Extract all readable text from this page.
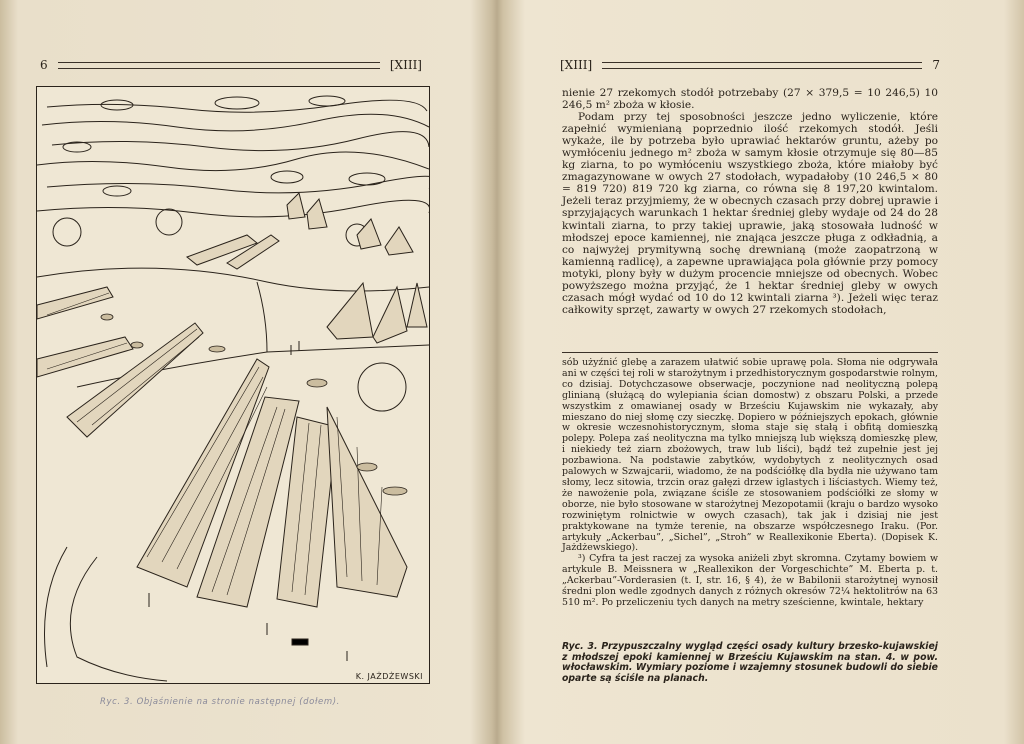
6	[XIII]
K. JAŻDŻEWSKI
Ryc. 3. Objaśnienie na stronie następnej (dołem).
[XIII]	7

nienie 27 rzekomych stodół potrzebaby (27 × 379,5 = 10 246,5) 10 246,5 m² zboża w kłosie.

Podam przy tej sposobności jeszcze jedno wyliczenie, które zapełnić wymienianą poprzednio ilość rzekomych stodół. Jeśli wykaże, ile by potrzeba było uprawiać hektarów gruntu, ażeby po wymłóceniu jednego m² zboża w samym kłosie otrzymuje się 80—85 kg ziarna, to po wymłóceniu wszystkiego zboża, które miałoby być zmagazynowane w owych 27 stodołach, wypadałoby (10 246,5 × 80 = 819 720) 819 720 kg ziarna, co równa się 8 197,20 kwintalom. Jeżeli teraz przyjmiemy, że w obecnych czasach przy dobrej uprawie i sprzyjających warunkach 1 hektar średniej gleby wydaje od 24 do 28 kwintali ziarna, to przy takiej uprawie, jaką stosowała ludność w młodszej epoce kamiennej, nie znająca jeszcze pługa z odkładnią, a co najwyżej prymitywną sochę drewnianą (może zaopatrzoną w kamienną radlicę), a zapewne uprawiająca pola głównie przy pomocy motyki, plony były w dużym procencie mniejsze od obecnych. Wobec powyższego można przyjąć, że 1 hektar średniej gleby w owych czasach mógł wydać od 10 do 12 kwintali ziarna ³). Jeżeli więc teraz całkowity sprzęt, zawarty w owych 27 rzekomych stodołach,

sób użyźnić glebę a zarazem ułatwić sobie uprawę pola. Słoma nie odgrywała ani w części tej roli w starożytnym i przedhistorycznym gospodarstwie rolnym, co dzisiaj. Dotychczasowe obserwacje, poczynione nad neolityczną polepą glinianą (służącą do wylepiania ścian domostw) z obszaru Polski, a przede wszystkim z omawianej osady w Brześciu Kujawskim nie wykazały, aby mieszano do niej słomę czy sieczkę. Dopiero w późniejszych epokach, głównie w okresie wczesnohistorycznym, słoma staje się stałą i obfitą domieszką polepy. Polepa zaś neolityczna ma tylko mniejszą lub większą domieszkę plew, i niekiedy też ziarn zbożowych, traw lub liści), bądź też zupełnie jest jej pozbawiona. Na podstawie zabytków, wydobytych z neolitycznych osad palowych w Szwajcarii, wiadomo, że na podściółkę dla bydła nie używano tam słomy, lecz sitowia, trzcin oraz gałęzi drzew iglastych i liściastych. Wiemy też, że nawożenie pola, związane ściśle ze stosowaniem podściółki ze słomy w oborze, nie było stosowane w starożytnej Mezopotamii (kraju o bardzo wysoko rozwiniętym rolnictwie w owych czasach), tak jak i dzisiaj nie jest praktykowane na tymże terenie, na obszarze współczesnego Iraku. (Por. artykuły „Ackerbau”, „Sichel”, „Stroh” w Reallexikonie Eberta). (Dopisek K. Jażdżewskiego).

³) Cyfra ta jest raczej za wysoka aniżeli zbyt skromna. Czytamy bowiem w artykule B. Meissnera w „Reallexikon der Vorgeschichte” M. Eberta p. t. „Ackerbau”-Vorderasien (t. I, str. 16, § 4), że w Babilonii starożytnej wynosił średni plon wedle zgodnych danych z różnych okresów 72¼ hektolitrów na 63 510 m². Po przeliczeniu tych danych na metry sześcienne, kwintale, hektary

Ryc. 3. Przypuszczalny wygląd części osady kultury brzesko-kujawskiej z młodszej epoki kamiennej w Brześciu Kujawskim na stan. 4. w pow. włocławskim. Wymiary poziome i wzajemny stosunek budowli do siebie oparte są ściśle na planach.
